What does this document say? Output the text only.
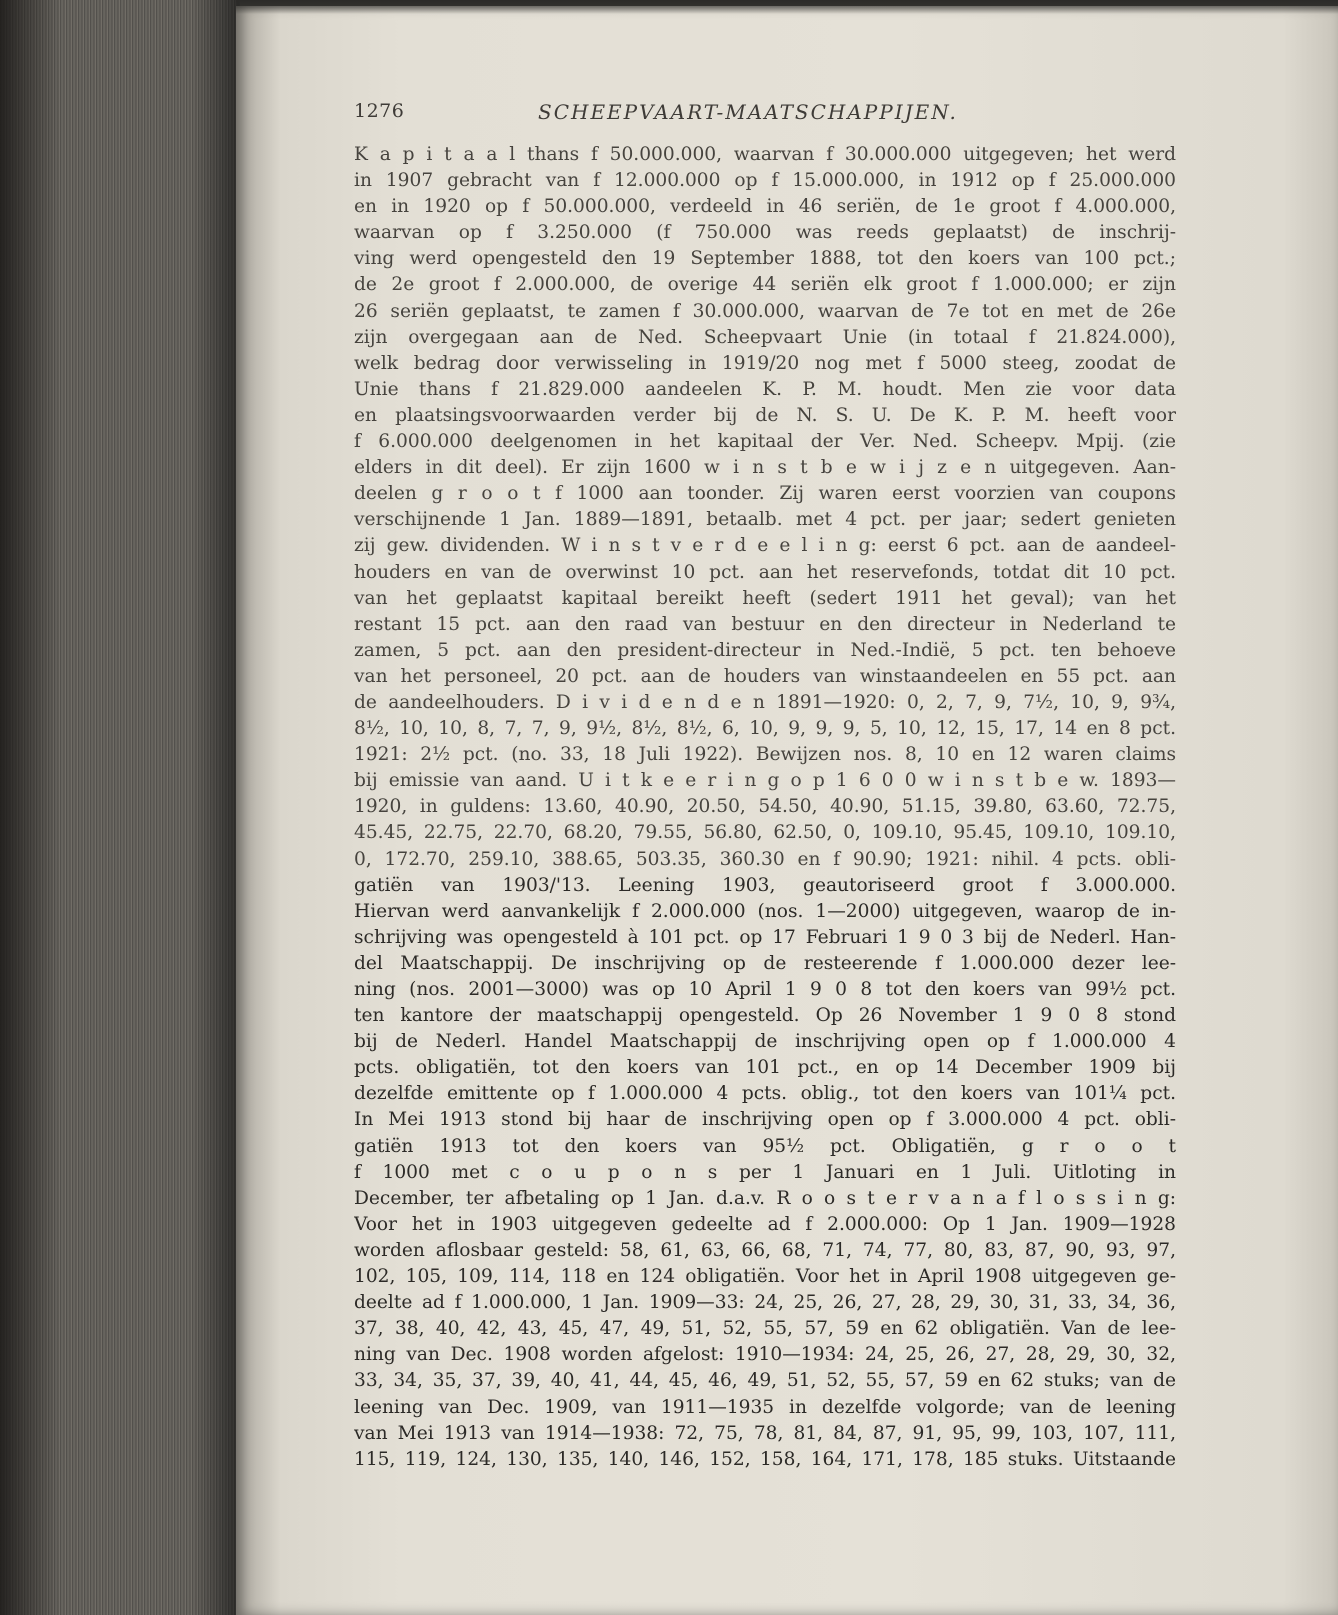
1276	SCHEEPVAART-MAATSCHAPPIJEN.
K a p i t a a l thans f 50.000.000, waarvan f 30.000.000 uitgegeven; het werd
in 1907 gebracht van f 12.000.000 op f 15.000.000, in 1912 op f 25.000.000
en in 1920 op f 50.000.000, verdeeld in 46 seriën, de 1e groot f 4.000.000,
waarvan op f 3.250.000 (f 750.000 was reeds geplaatst) de inschrij-
ving werd opengesteld den 19 September 1888, tot den koers van 100 pct.;
de 2e groot f 2.000.000, de overige 44 seriën elk groot f 1.000.000; er zijn
26 seriën geplaatst, te zamen f 30.000.000, waarvan de 7e tot en met de 26e
zijn overgegaan aan de Ned. Scheepvaart Unie (in totaal f 21.824.000),
welk bedrag door verwisseling in 1919/20 nog met f 5000 steeg, zoodat de
Unie thans f 21.829.000 aandeelen K. P. M. houdt. Men zie voor data
en plaatsingsvoorwaarden verder bij de N. S. U. De K. P. M. heeft voor
f 6.000.000 deelgenomen in het kapitaal der Ver. Ned. Scheepv. Mpij. (zie
elders in dit deel). Er zijn 1600 w i n s t b e w i j z e n uitgegeven. Aan-
deelen g r o o t f 1000 aan toonder. Zij waren eerst voorzien van coupons
verschijnende 1 Jan. 1889—1891, betaalb. met 4 pct. per jaar; sedert genieten
zij gew. dividenden. W i n s t v e r d e e l i n g: eerst 6 pct. aan de aandeel-
houders en van de overwinst 10 pct. aan het reservefonds, totdat dit 10 pct.
van het geplaatst kapitaal bereikt heeft (sedert 1911 het geval); van het
restant 15 pct. aan den raad van bestuur en den directeur in Nederland te
zamen, 5 pct. aan den president-directeur in Ned.-Indië, 5 pct. ten behoeve
van het personeel, 20 pct. aan de houders van winstaandeelen en 55 pct. aan
de aandeelhouders. D i v i d e n d e n 1891—1920: 0, 2, 7, 9, 7½, 10, 9, 9¾,
8½, 10, 10, 8, 7, 7, 9, 9½, 8½, 8½, 6, 10, 9, 9, 9, 5, 10, 12, 15, 17, 14 en 8 pct.
1921: 2½ pct. (no. 33, 18 Juli 1922). Bewijzen nos. 8, 10 en 12 waren claims
bij emissie van aand. U i t k e e r i n g o p 1 6 0 0 w i n s t b e w. 1893—
1920, in guldens: 13.60, 40.90, 20.50, 54.50, 40.90, 51.15, 39.80, 63.60, 72.75,
45.45, 22.75, 22.70, 68.20, 79.55, 56.80, 62.50, 0, 109.10, 95.45, 109.10, 109.10,
0, 172.70, 259.10, 388.65, 503.35, 360.30 en f 90.90; 1921: nihil. 4 pcts. obli-
gatiën van 1903/'13. Leening 1903, geautoriseerd groot f 3.000.000.
Hiervan werd aanvankelijk f 2.000.000 (nos. 1—2000) uitgegeven, waarop de in-
schrijving was opengesteld à 101 pct. op 17 Februari 1 9 0 3 bij de Nederl. Han-
del Maatschappij. De inschrijving op de resteerende f 1.000.000 dezer lee-
ning (nos. 2001—3000) was op 10 April 1 9 0 8 tot den koers van 99½ pct.
ten kantore der maatschappij opengesteld. Op 26 November 1 9 0 8 stond
bij de Nederl. Handel Maatschappij de inschrijving open op f 1.000.000 4
pcts. obligatiën, tot den koers van 101 pct., en op 14 December 1909 bij
dezelfde emittente op f 1.000.000 4 pcts. oblig., tot den koers van 101¼ pct.
In Mei 1913 stond bij haar de inschrijving open op f 3.000.000 4 pct. obli-
gatiën 1913 tot den koers van 95½ pct. Obligatiën, g r o o t
f 1000 met c o u p o n s per 1 Januari en 1 Juli. Uitloting in
December, ter afbetaling op 1 Jan. d.a.v. R o o s t e r v a n a f l o s s i n g:
Voor het in 1903 uitgegeven gedeelte ad f 2.000.000: Op 1 Jan. 1909—1928
worden aflosbaar gesteld: 58, 61, 63, 66, 68, 71, 74, 77, 80, 83, 87, 90, 93, 97,
102, 105, 109, 114, 118 en 124 obligatiën. Voor het in April 1908 uitgegeven ge-
deelte ad f 1.000.000, 1 Jan. 1909—33: 24, 25, 26, 27, 28, 29, 30, 31, 33, 34, 36,
37, 38, 40, 42, 43, 45, 47, 49, 51, 52, 55, 57, 59 en 62 obligatiën. Van de lee-
ning van Dec. 1908 worden afgelost: 1910—1934: 24, 25, 26, 27, 28, 29, 30, 32,
33, 34, 35, 37, 39, 40, 41, 44, 45, 46, 49, 51, 52, 55, 57, 59 en 62 stuks; van de
leening van Dec. 1909, van 1911—1935 in dezelfde volgorde; van de leening
van Mei 1913 van 1914—1938: 72, 75, 78, 81, 84, 87, 91, 95, 99, 103, 107, 111,
115, 119, 124, 130, 135, 140, 146, 152, 158, 164, 171, 178, 185 stuks. Uitstaande
